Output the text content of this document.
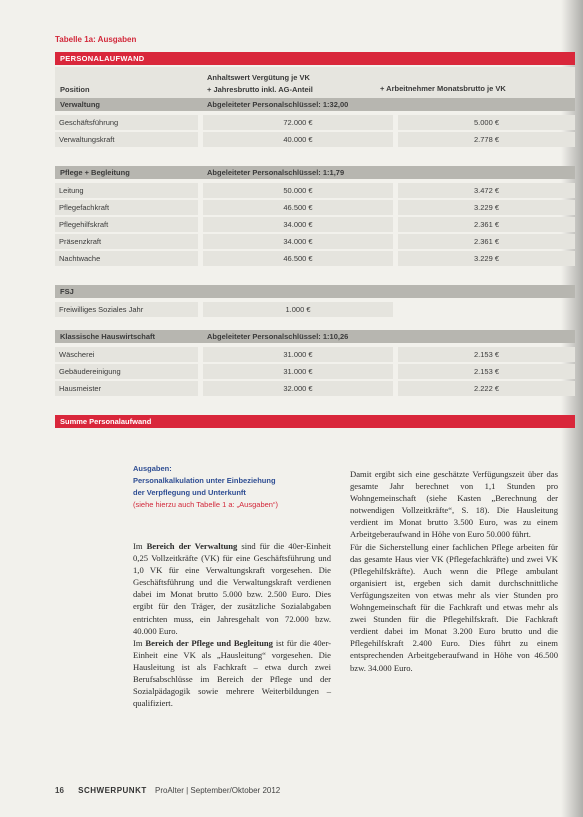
Tabelle 1a: Ausgaben
PERSONALAUFWAND
Position
Anhaltswert Vergütung je VK
+ Jahresbrutto inkl. AG-Anteil	+ Arbeitnehmer Monatsbrutto je VK
Verwaltung	Abgeleiteter Personalschlüssel: 1:32,00
Geschäftsführung	72.000 €	5.000 €
Verwaltungskraft	40.000 €	2.778 €
Pflege + Begleitung	Abgeleiteter Personalschlüssel: 1:1,79
Leitung	50.000 €	3.472 €
Pflegefachkraft	46.500 €	3.229 €
Pflegehilfskraft	34.000 €	2.361 €
Präsenzkraft	34.000 €	2.361 €
Nachtwache	46.500 €	3.229 €
FSJ
Freiwilliges Soziales Jahr	1.000 €
Klassische Hauswirtschaft	Abgeleiteter Personalschlüssel: 1:10,26
Wäscherei	31.000 €	2.153 €
Gebäudereinigung	31.000 €	2.153 €
Hausmeister	32.000 €	2.222 €
Summe Personalaufwand
Ausgaben:
Personalkalkulation unter Einbeziehung
der Verpflegung und Unterkunft
(siehe hierzu auch Tabelle 1 a: „Ausgaben“)

Im Bereich der Verwaltung sind für die 40er-Einheit 0,25 Vollzeitkräfte (VK) für eine Geschäftsführung und 1,0 VK für eine Verwaltungskraft vorgesehen. Die Geschäftsführung und die Verwaltungskraft verdienen dabei im Monat brutto 5.000 bzw. 2.500 Euro. Dies ergibt für den Träger, der zusätzliche Sozialabgaben entrichten muss, ein Jahresgehalt von 72.000 bzw. 40.000 Euro.

Im Bereich der Pflege und Begleitung ist für die 40er-Einheit eine VK als „Hausleitung“ vorgesehen. Die Hausleitung ist als Fachkraft – etwa durch zwei Berufsabschlüsse im Bereich der Pflege und der Sozialpädagogik sowie mehrere Weiterbildungen – qualifiziert.

Damit ergibt sich eine geschätzte Verfügungszeit über das gesamte Jahr berechnet von 1,1 Stunden pro Wohngemeinschaft (siehe Kasten „Berechnung der notwendigen Vollzeitkräfte“, S. 18). Die Hausleitung verdient im Monat brutto 3.500 Euro, was zu einem Arbeitgeberaufwand in Höhe von Euro 50.000 führt.

Für die Sicherstellung einer fachlichen Pflege arbeiten für das gesamte Haus vier VK (Pflegefachkräfte) und zwei VK (Pflegehilfskräfte). Auch wenn die Pflege ambulant organisiert ist, ergeben sich damit durchschnittliche Verfügungszeiten von etwas mehr als vier Stunden pro Wohngemeinschaft für die Fachkraft und etwas mehr als zwei Stunden für die Pflegehilfskraft. Die Fachkraft verdient dabei im Monat 3.200 Euro brutto und die Pflegehilfskraft 2.400 Euro. Dies führt zu einem entsprechenden Arbeitgeberaufwand in Höhe von 46.500 bzw. 34.000 Euro.

16 SCHWERPUNKT ProAlter | September/Oktober 2012
